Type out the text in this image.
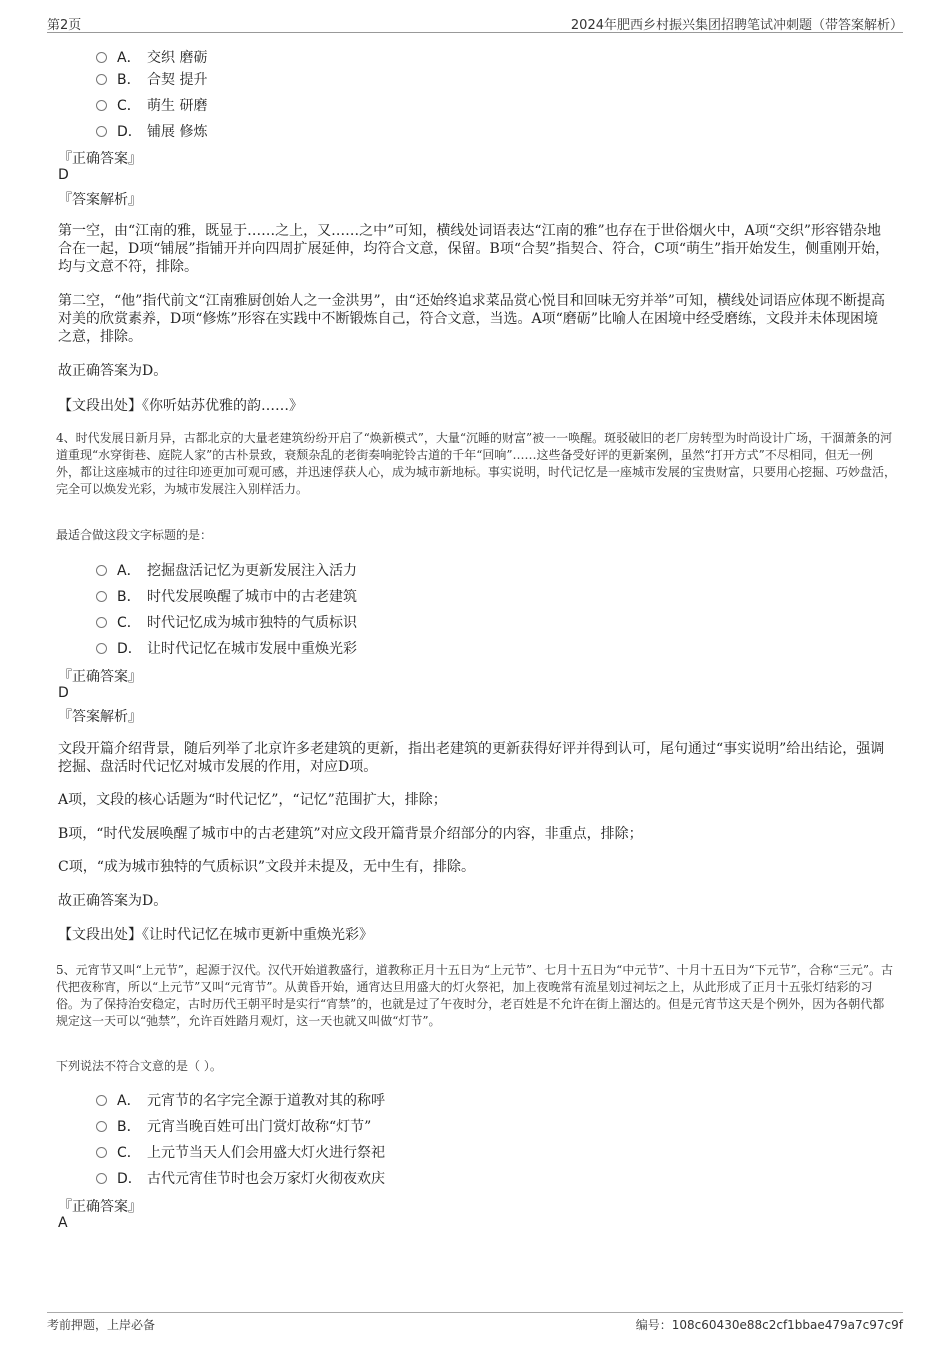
第2页	2024年肥西乡村振兴集团招聘笔试冲刺题（带答案解析）
A． 交织 磨砺
B． 合契 提升
C． 萌生 研磨
D． 铺展 修炼
『正确答案』
D
『答案解析』
第一空，由“江南的雅，既显于……之上，又……之中”可知，横线处词语表达“江南的雅”也存在于世俗烟火中，A项“交织”形容错杂地合在一起，D项“铺展”指铺开并向四周扩展延伸，均符合文意，保留。B项“合契”指契合、符合，C项“萌生”指开始发生，侧重刚开始，均与文意不符，排除。
第二空，“他”指代前文“江南雅厨创始人之一金洪男”，由“还始终追求菜品赏心悦目和回味无穷并举”可知，横线处词语应体现不断提高对美的欣赏素养，D项“修炼”形容在实践中不断锻炼自己，符合文意，当选。A项“磨砺”比喻人在困境中经受磨练，文段并未体现困境之意，排除。
故正确答案为D。
【文段出处】《你听姑苏优雅的韵……》
4、时代发展日新月异，古都北京的大量老建筑纷纷开启了“焕新模式”，大量“沉睡的财富”被一一唤醒。斑驳破旧的老厂房转型为时尚设计广场，干涸萧条的河道重现“水穿街巷、庭院人家”的古朴景致，衰颓杂乱的老街奏响驼铃古道的千年“回响”……这些备受好评的更新案例，虽然“打开方式”不尽相同，但无一例外，都让这座城市的过往印迹更加可观可感，并迅速俘获人心，成为城市新地标。事实说明，时代记忆是一座城市发展的宝贵财富，只要用心挖掘、巧妙盘活，完全可以焕发光彩，为城市发展注入别样活力。
最适合做这段文字标题的是：
A． 挖掘盘活记忆为更新发展注入活力
B． 时代发展唤醒了城市中的古老建筑
C． 时代记忆成为城市独特的气质标识
D． 让时代记忆在城市发展中重焕光彩
『正确答案』
D
『答案解析』
文段开篇介绍背景，随后列举了北京许多老建筑的更新，指出老建筑的更新获得好评并得到认可，尾句通过“事实说明”给出结论，强调挖掘、盘活时代记忆对城市发展的作用，对应D项。
A项，文段的核心话题为“时代记忆”，“记忆”范围扩大，排除；
B项，“时代发展唤醒了城市中的古老建筑”对应文段开篇背景介绍部分的内容，非重点，排除；
C项，“成为城市独特的气质标识”文段并未提及，无中生有，排除。
故正确答案为D。
【文段出处】《让时代记忆在城市更新中重焕光彩》
5、元宵节又叫“上元节”，起源于汉代。汉代开始道教盛行，道教称正月十五日为“上元节”、七月十五日为“中元节”、十月十五日为“下元节”，合称“三元”。古代把夜称宵，所以“上元节”又叫“元宵节”。从黄昏开始，通宵达旦用盛大的灯火祭祀，加上夜晚常有流星划过祠坛之上，从此形成了正月十五张灯结彩的习俗。为了保持治安稳定，古时历代王朝平时是实行“宵禁”的，也就是过了午夜时分，老百姓是不允许在街上溜达的。但是元宵节这天是个例外，因为各朝代都规定这一天可以“弛禁”，允许百姓踏月观灯，这一天也就又叫做“灯节”。
下列说法不符合文意的是（ ）。
A． 元宵节的名字完全源于道教对其的称呼
B． 元宵当晚百姓可出门赏灯故称“灯节”
C． 上元节当天人们会用盛大灯火进行祭祀
D． 古代元宵佳节时也会万家灯火彻夜欢庆
『正确答案』
A
考前押题，上岸必备	编号：108c60430e88c2cf1bbae479a7c97c9f
